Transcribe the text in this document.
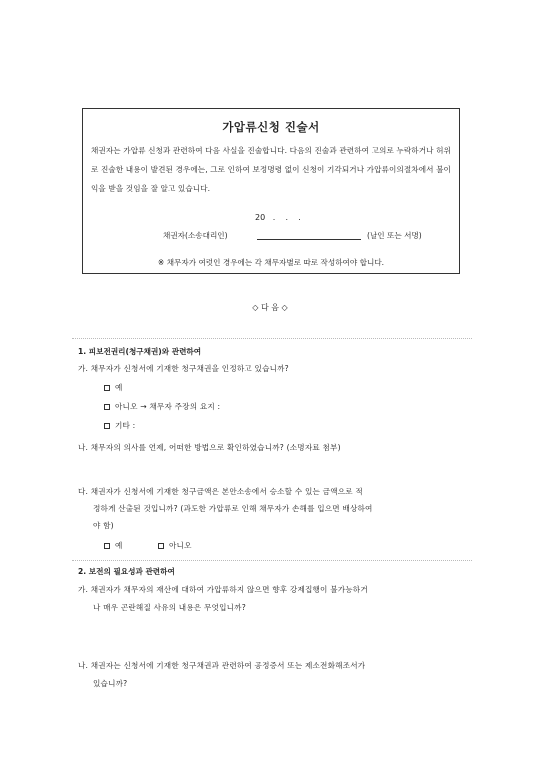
가압류신청 진술서
채권자는 가압류 신청과 관련하여 다음 사실을 진술합니다. 다음의 진술과 관련하여 고의로 누락하거나 허위로 진술한 내용이 발견된 경우에는, 그로 인하여 보정명령 없이 신청이 기각되거나 가압류이의절차에서 불이익을 받을 것임을 잘 알고 있습니다.
20   .    .    .
채권자(소송대리인)	(날인 또는 서명)
※ 채무자가 여럿인 경우에는 각 채무자별로 따로 작성하여야 합니다.
◇ 다 음 ◇
1. 피보전권리(청구채권)와 관련하여
가. 채무자가 신청서에 기재한 청구채권을 인정하고 있습니까?
예
아니오 → 채무자 주장의 요지 :
기타 :
나. 채무자의 의사를 언제, 어떠한 방법으로 확인하였습니까? (소명자료 첨부)
다. 채권자가 신청서에 기재한 청구금액은 본안소송에서 승소할 수 있는 금액으로 적
정하게 산출된 것입니까? (과도한 가압류로 인해 채무자가 손해를 입으면 배상하여
야 함)
예	아니오
2. 보전의 필요성과 관련하여
가. 채권자가 채무자의 재산에 대하여 가압류하지 않으면 향후 강제집행이 불가능하거
나 매우 곤란해질 사유의 내용은 무엇입니까?
나. 채권자는 신청서에 기재한 청구채권과 관련하여 공정증서 또는 제소전화해조서가
있습니까?
